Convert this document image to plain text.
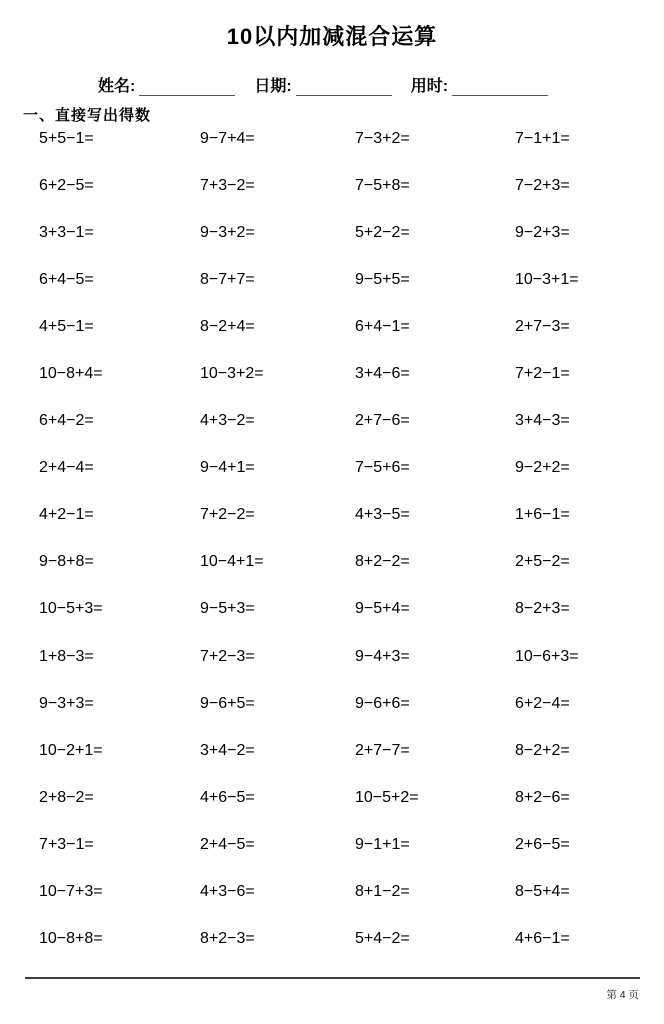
10以内加减混合运算
姓名:	日期:	用时:
一、直接写出得数
5+5−1=	9−7+4=	7−3+2=	7−1+1=
6+2−5=	7+3−2=	7−5+8=	7−2+3=
3+3−1=	9−3+2=	5+2−2=	9−2+3=
6+4−5=	8−7+7=	9−5+5=	10−3+1=
4+5−1=	8−2+4=	6+4−1=	2+7−3=
10−8+4=	10−3+2=	3+4−6=	7+2−1=
6+4−2=	4+3−2=	2+7−6=	3+4−3=
2+4−4=	9−4+1=	7−5+6=	9−2+2=
4+2−1=	7+2−2=	4+3−5=	1+6−1=
9−8+8=	10−4+1=	8+2−2=	2+5−2=
10−5+3=	9−5+3=	9−5+4=	8−2+3=
1+8−3=	7+2−3=	9−4+3=	10−6+3=
9−3+3=	9−6+5=	9−6+6=	6+2−4=
10−2+1=	3+4−2=	2+7−7=	8−2+2=
2+8−2=	4+6−5=	10−5+2=	8+2−6=
7+3−1=	2+4−5=	9−1+1=	2+6−5=
10−7+3=	4+3−6=	8+1−2=	8−5+4=
10−8+8=	8+2−3=	5+4−2=	4+6−1=
第 4 页
